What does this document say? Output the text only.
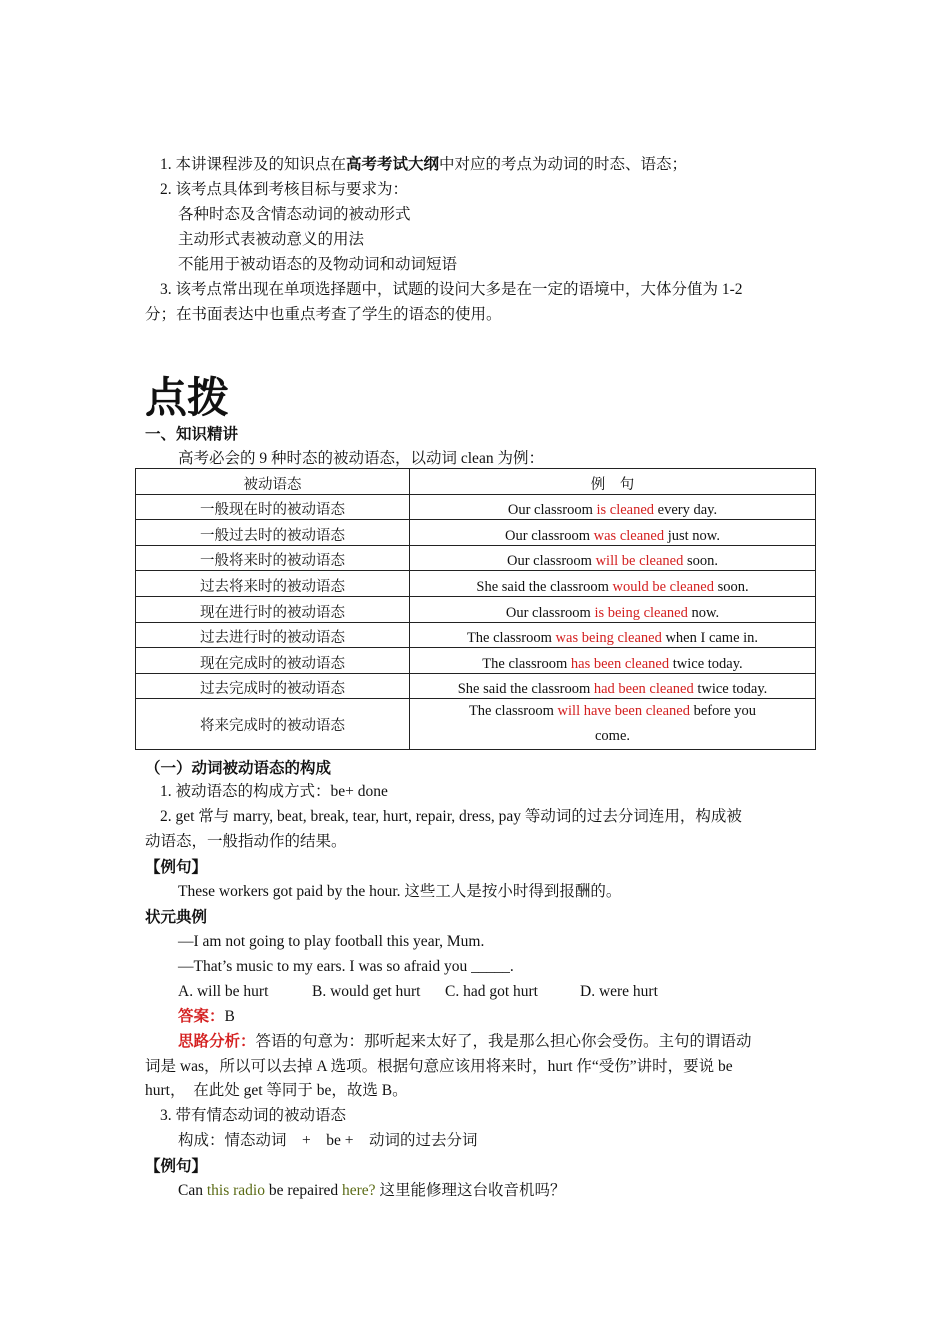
1. 本讲课程涉及的知识点在高考考试大纲中对应的考点为动词的时态、语态；
2. 该考点具体到考核目标与要求为：
各种时态及含情态动词的被动形式
主动形式表被动意义的用法
不能用于被动语态的及物动词和动词短语
3. 该考点常出现在单项选择题中，试题的设问大多是在一定的语境中，大体分值为 1-2
分；在书面表达中也重点考查了学生的语态的使用。
点拨
一、知识精讲
高考必会的 9 种时态的被动语态，以动词 clean 为例：
被动语态	例　句
一般现在时的被动语态	Our classroom is cleaned every day.
一般过去时的被动语态	Our classroom was cleaned just now.
一般将来时的被动语态	Our classroom will be cleaned soon.
过去将来时的被动语态	She said the classroom would be cleaned soon.
现在进行时的被动语态	Our classroom is being cleaned now.
过去进行时的被动语态	The classroom was being cleaned when I came in.
现在完成时的被动语态	The classroom has been cleaned twice today.
过去完成时的被动语态	She said the classroom had been cleaned twice today.
将来完成时的被动语态	The classroom will have been cleaned before you
come.
（一）动词被动语态的构成
1. 被动语态的构成方式：be+ done
2. get 常与 marry, beat, break, tear, hurt, repair, dress, pay 等动词的过去分词连用，构成被
动语态，一般指动作的结果。
【例句】
These workers got paid by the hour. 这些工人是按小时得到报酬的。
状元典例
—I am not going to play football this year, Mum.
—That’s music to my ears. I was so afraid you _____.
A. will be hurt	B. would get hurt C. had got hurt	D. were hurt
答案：B
思路分析：答语的句意为：那听起来太好了，我是那么担心你会受伤。主句的谓语动
词是 was，所以可以去掉 A 选项。根据句意应该用将来时，hurt 作“受伤”讲时，要说 be
hurt，　在此处 get 等同于 be，故选 B。
3. 带有情态动词的被动语态
构成：情态动词　+　be +　动词的过去分词
【例句】
Can this radio be repaired here? 这里能修理这台收音机吗？
